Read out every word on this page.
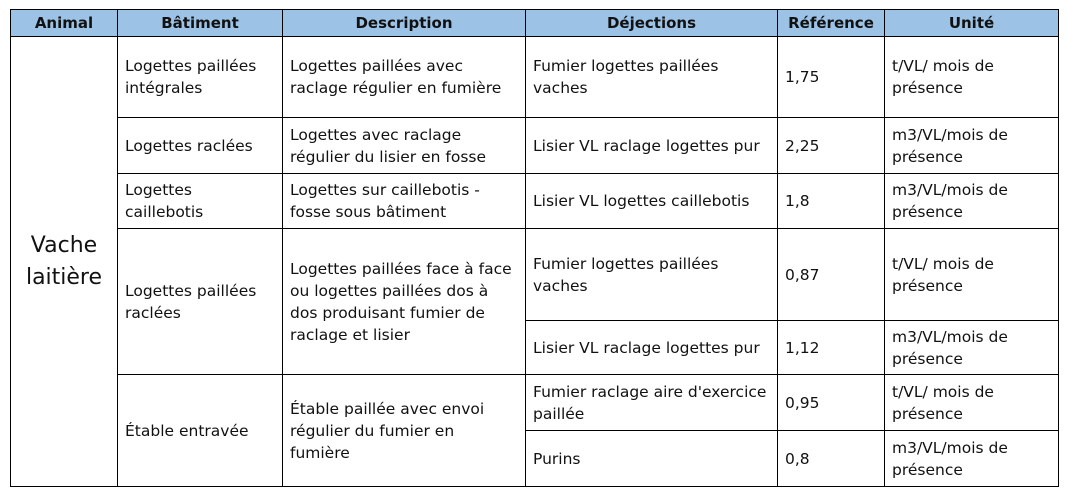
Animal	Bâtiment	Description	Déjections	Référence	Unité
Vache laitière	Logettes paillées intégrales	Logettes paillées avec raclage régulier en fumière	Fumier logettes paillées vaches	1,75	t/VL/ mois de présence
	Logettes raclées	Logettes avec raclage régulier du lisier en fosse	Lisier VL raclage logettes pur	2,25	m3/VL/mois de présence
	Logettes caillebotis	Logettes sur caillebotis - fosse sous bâtiment	Lisier VL logettes caillebotis	1,8	m3/VL/mois de présence
	Logettes paillées raclées	Logettes paillées face à face ou logettes paillées dos à dos produisant fumier de raclage et lisier	Fumier logettes paillées vaches	0,87	t/VL/ mois de présence
			Lisier VL raclage logettes pur	1,12	m3/VL/mois de présence
	Étable entravée	Étable paillée avec envoi régulier du fumier en fumière	Fumier raclage aire d'exercice paillée	0,95	t/VL/ mois de présence
			Purins	0,8	m3/VL/mois de présence
